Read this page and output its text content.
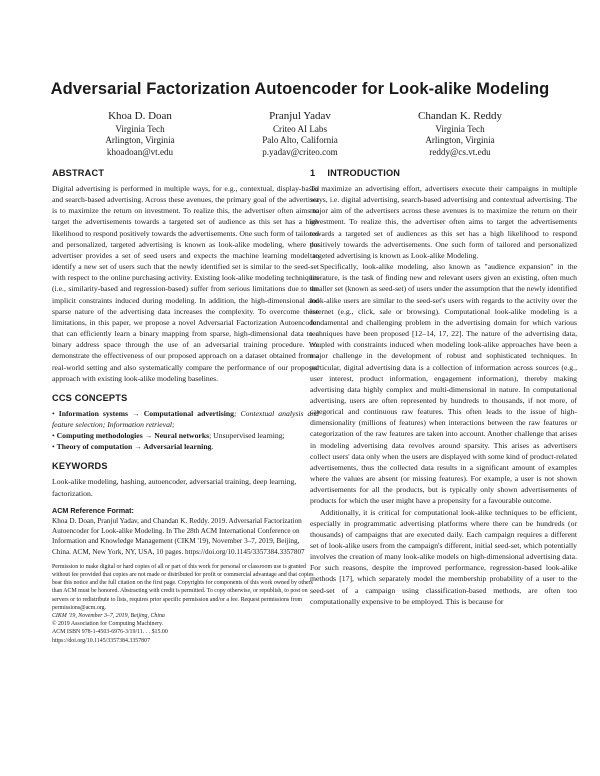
Adversarial Factorization Autoencoder for Look-alike Modeling
Khoa D. Doan
Virginia Tech
Arlington, Virginia
khoadoan@vt.edu
Pranjul Yadav
Criteo AI Labs
Palo Alto, California
p.yadav@criteo.com
Chandan K. Reddy
Virginia Tech
Arlington, Virginia
reddy@cs.vt.edu
ABSTRACT

Digital advertising is performed in multiple ways, for e.g., contextual, display-based and search-based advertising. Across these avenues, the primary goal of the advertiser is to maximize the return on investment. To realize this, the advertiser often aims to target the advertisements towards a targeted set of audience as this set has a high likelihood to respond positively towards the advertisements. One such form of tailored and personalized, targeted advertising is known as look-alike modeling, where the advertiser provides a set of seed users and expects the machine learning model to identify a new set of users such that the newly identified set is similar to the seed-set with respect to the online purchasing activity. Existing look-alike modeling techniques (i.e., similarity-based and regression-based) suffer from serious limitations due to the implicit constraints induced during modeling. In addition, the high-dimensional and sparse nature of the advertising data increases the complexity. To overcome these limitations, in this paper, we propose a novel Adversarial Factorization Autoencoder that can efficiently learn a binary mapping from sparse, high-dimensional data to a binary address space through the use of an adversarial training procedure. We demonstrate the effectiveness of our proposed approach on a dataset obtained from a real-world setting and also systematically compare the performance of our proposed approach with existing look-alike modeling baselines.

CCS CONCEPTS

• Information systems → Computational advertising; Contextual analysis and feature selection; Information retrieval;

• Computing methodologies → Neural networks; Unsupervised learning;

• Theory of computation → Adversarial learning.

KEYWORDS

Look-alike modeling, hashing, autoencoder, adversarial training, deep learning, factorization.

ACM Reference Format:

Khoa D. Doan, Pranjul Yadav, and Chandan K. Reddy. 2019. Adversarial Factorization Autoencoder for Look-alike Modeling. In The 28th ACM International Conference on Information and Knowledge Management (CIKM '19), November 3–7, 2019, Beijing, China. ACM, New York, NY, USA, 10 pages. https://doi.org/10.1145/3357384.3357807

Permission to make digital or hard copies of all or part of this work for personal or classroom use is granted without fee provided that copies are not made or distributed for profit or commercial advantage and that copies bear this notice and the full citation on the first page. Copyrights for components of this work owned by others than ACM must be honored. Abstracting with credit is permitted. To copy otherwise, or republish, to post on servers or to redistribute to lists, requires prior specific permission and/or a fee. Request permissions from permissions@acm.org.

CIKM '19, November 3–7, 2019, Beijing, China

© 2019 Association for Computing Machinery.

ACM ISBN 978-1-4503-6976-3/19/11. . . $15.00

https://doi.org/10.1145/3357384.3357807

1 INTRODUCTION

To maximize an advertising effort, advertisers execute their campaigns in multiple ways, i.e. digital advertising, search-based advertising and contextual advertising. The major aim of the advertisers across these avenues is to maximize the return on their investment. To realize this, the advertiser often aims to target the advertisements towards a targeted set of audiences as this set has a high likelihood to respond positively towards the advertisements. One such form of tailored and personalized targeted advertising is known as Look-alike Modeling.

Specifically, look-alike modeling, also known as "audience expansion" in the literature, is the task of finding new and relevant users given an existing, often much smaller set (known as seed-set) of users under the assumption that the newly identified look-alike users are similar to the seed-set's users with regards to the activity over the internet (e.g., click, sale or browsing). Computational look-alike modeling is a fundamental and challenging problem in the advertising domain for which various techniques have been proposed [12–14, 17, 22]. The nature of the advertising data, coupled with constraints induced when modeling look-alike approaches have been a major challenge in the development of robust and sophisticated techniques. In particular, digital advertising data is a collection of information across sources (e.g., user interest, product information, engagement information), thereby making advertising data highly complex and multi-dimensional in nature. In computational advertising, users are often represented by hundreds to thousands, if not more, of categorical and continuous raw features. This often leads to the issue of high-dimensionality (millions of features) when interactions between the raw features or categorization of the raw features are taken into account. Another challenge that arises in modeling advertising data revolves around sparsity. This arises as advertisers collect users' data only when the users are displayed with some kind of product-related advertisements, thus the collected data results in a significant amount of examples where the values are absent (or missing features). For example, a user is not shown advertisements for all the products, but is typically only shown advertisements of products for which the user might have a propensity for a favourable outcome.

Additionally, it is critical for computational look-alike techniques to be efficient, especially in programmatic advertising platforms where there can be hundreds (or thousands) of campaigns that are executed daily. Each campaign requires a different set of look-alike users from the campaign's different, initial seed-set, which potentially involves the creation of many look-alike models on high-dimensional advertising data. For such reasons, despite the improved performance, regression-based look-alike methods [17], which separately model the membership probability of a user to the seed-set of a campaign using classification-based methods, are often too computationally expensive to be employed. This is because for
